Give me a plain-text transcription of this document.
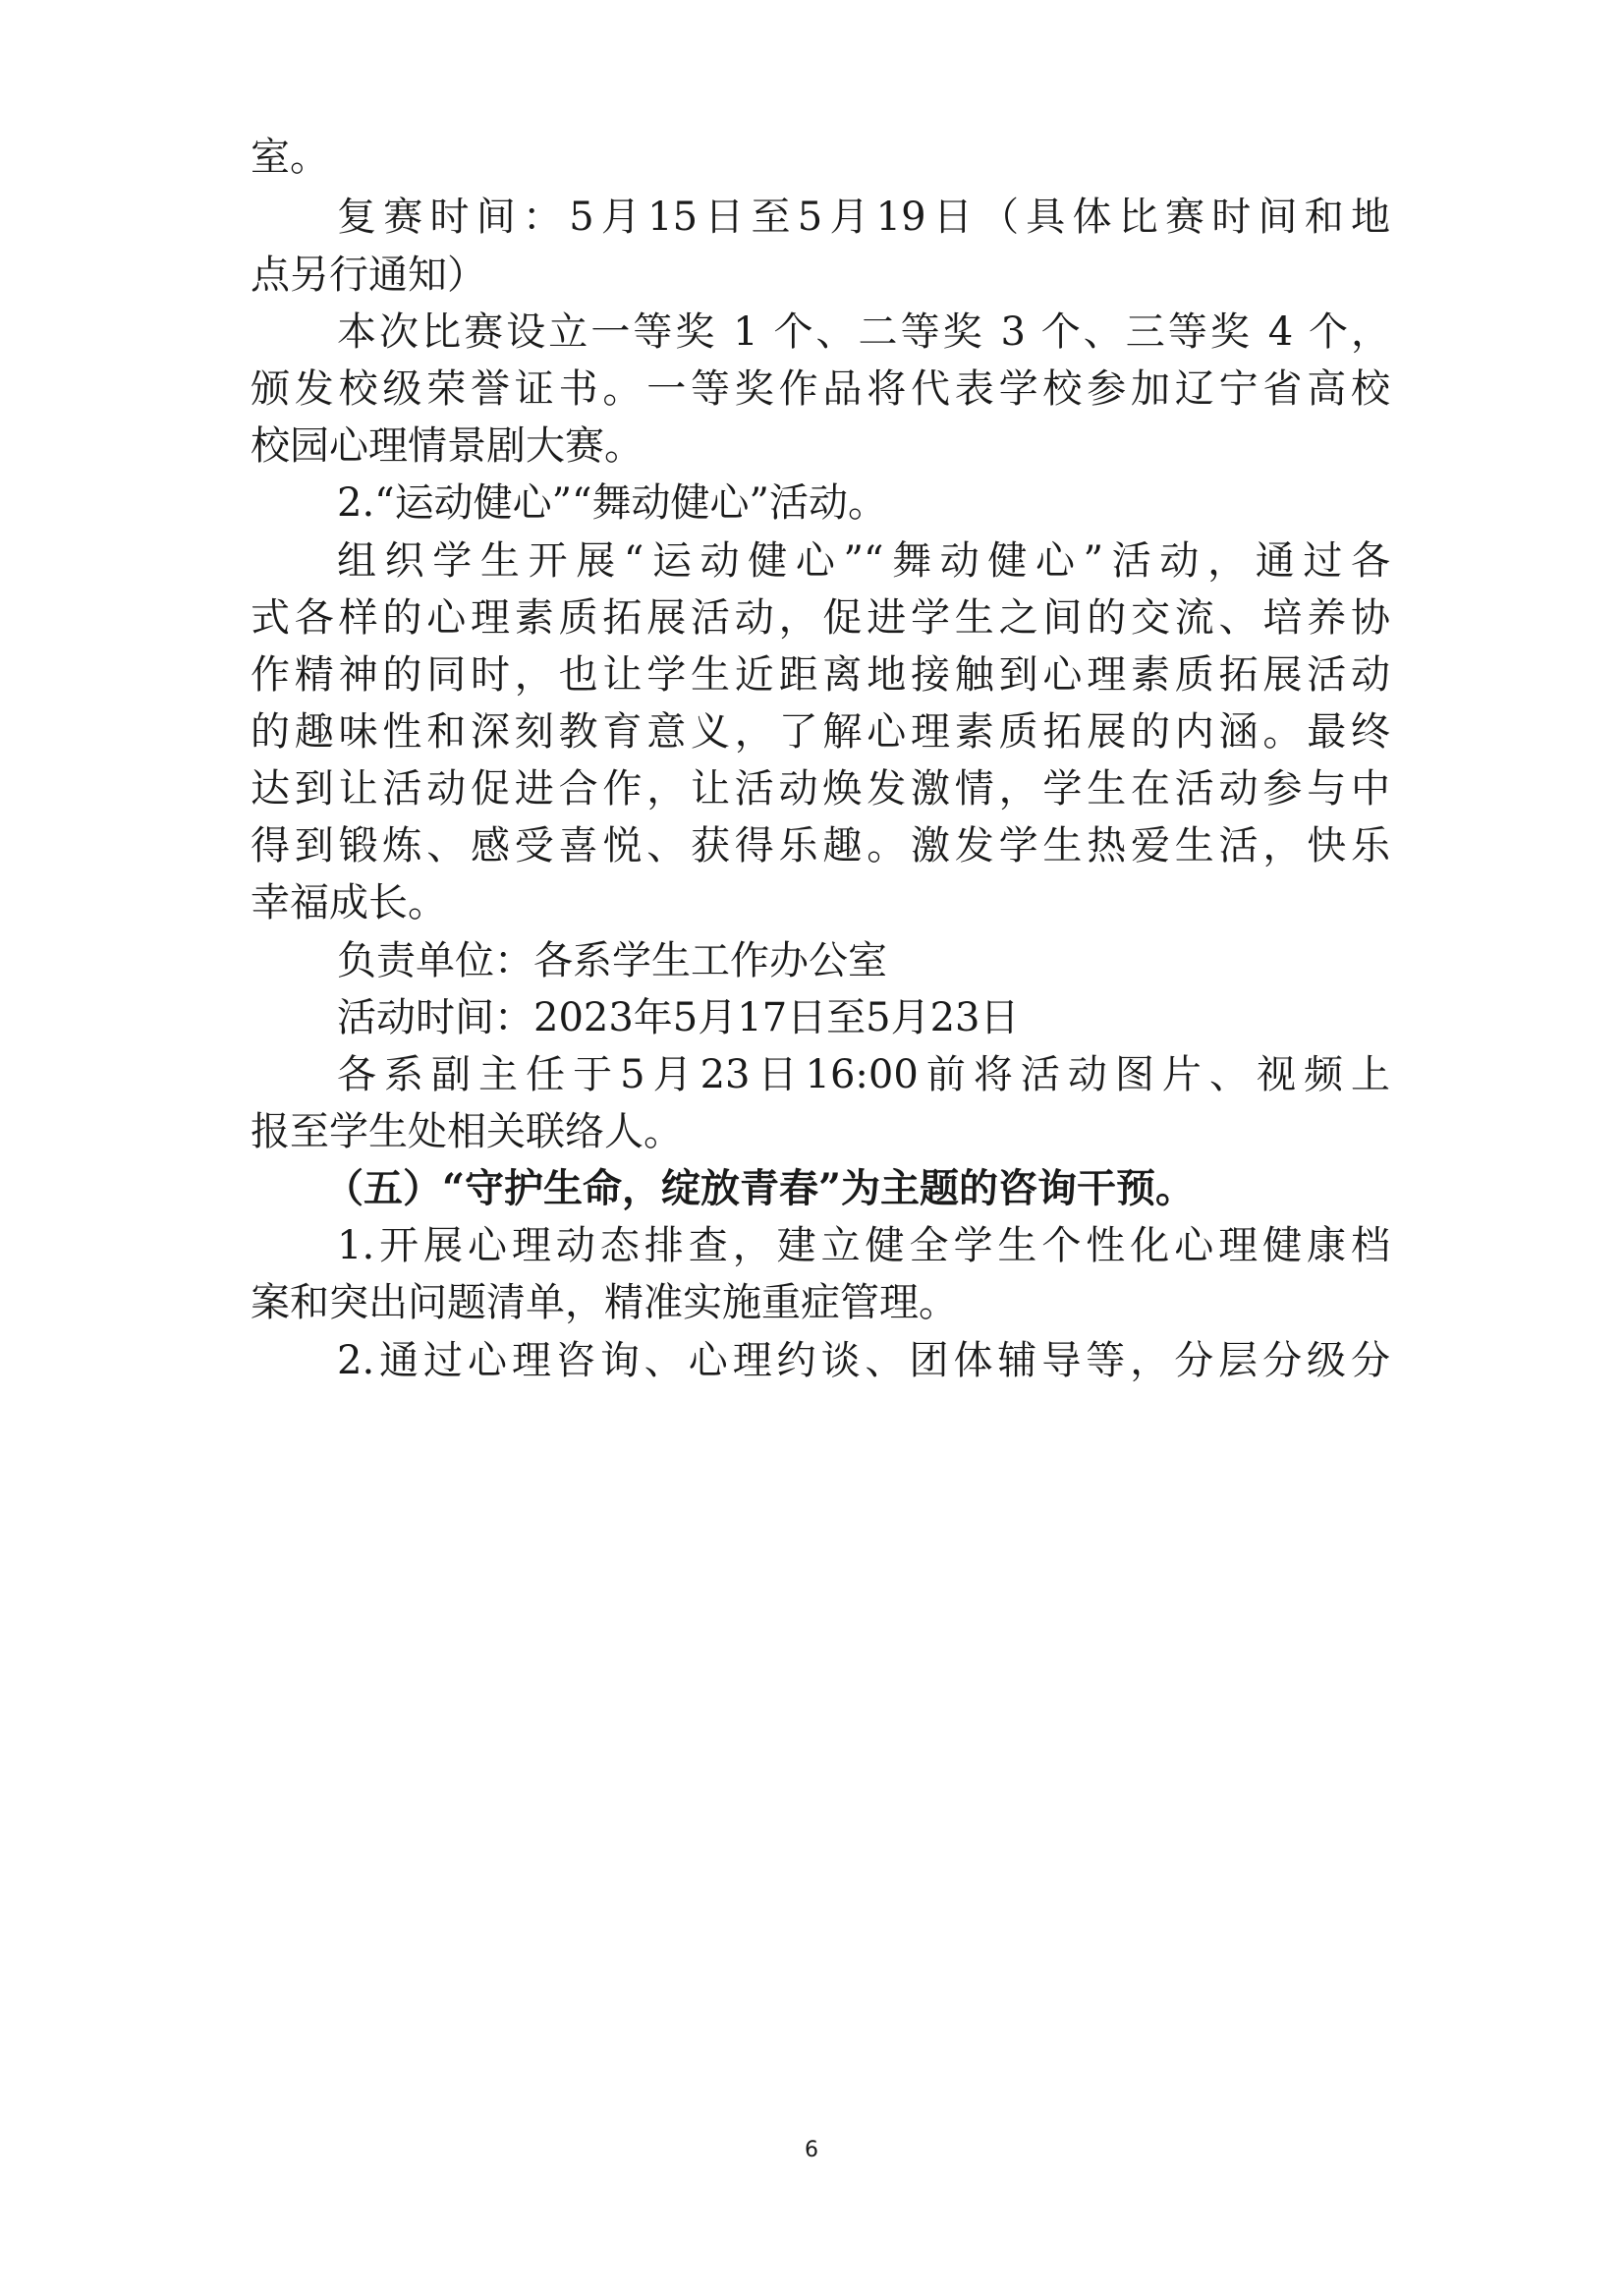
室。
复赛时间：5月15日至5月19日（具体比赛时间和地
点另行通知）
本次比赛设立一等奖 1 个、二等奖 3 个、三等奖 4 个，
颁发校级荣誉证书。一等奖作品将代表学校参加辽宁省高校
校园心理情景剧大赛。
2.“运动健心”“舞动健心”活动。
组织学生开展“运动健心”“舞动健心”活动，通过各
式各样的心理素质拓展活动，促进学生之间的交流、培养协
作精神的同时，也让学生近距离地接触到心理素质拓展活动
的趣味性和深刻教育意义，了解心理素质拓展的内涵。最终
达到让活动促进合作，让活动焕发激情，学生在活动参与中
得到锻炼、感受喜悦、获得乐趣。激发学生热爱生活，快乐
幸福成长。
负责单位：各系学生工作办公室
活动时间：2023年5月17日至5月23日
各系副主任于5月23日16:00前将活动图片、视频上
报至学生处相关联络人。
（五）“守护生命，绽放青春”为主题的咨询干预。
1.开展心理动态排查，建立健全学生个性化心理健康档
案和突出问题清单，精准实施重症管理。
2.通过心理咨询、心理约谈、团体辅导等，分层分级分
6
